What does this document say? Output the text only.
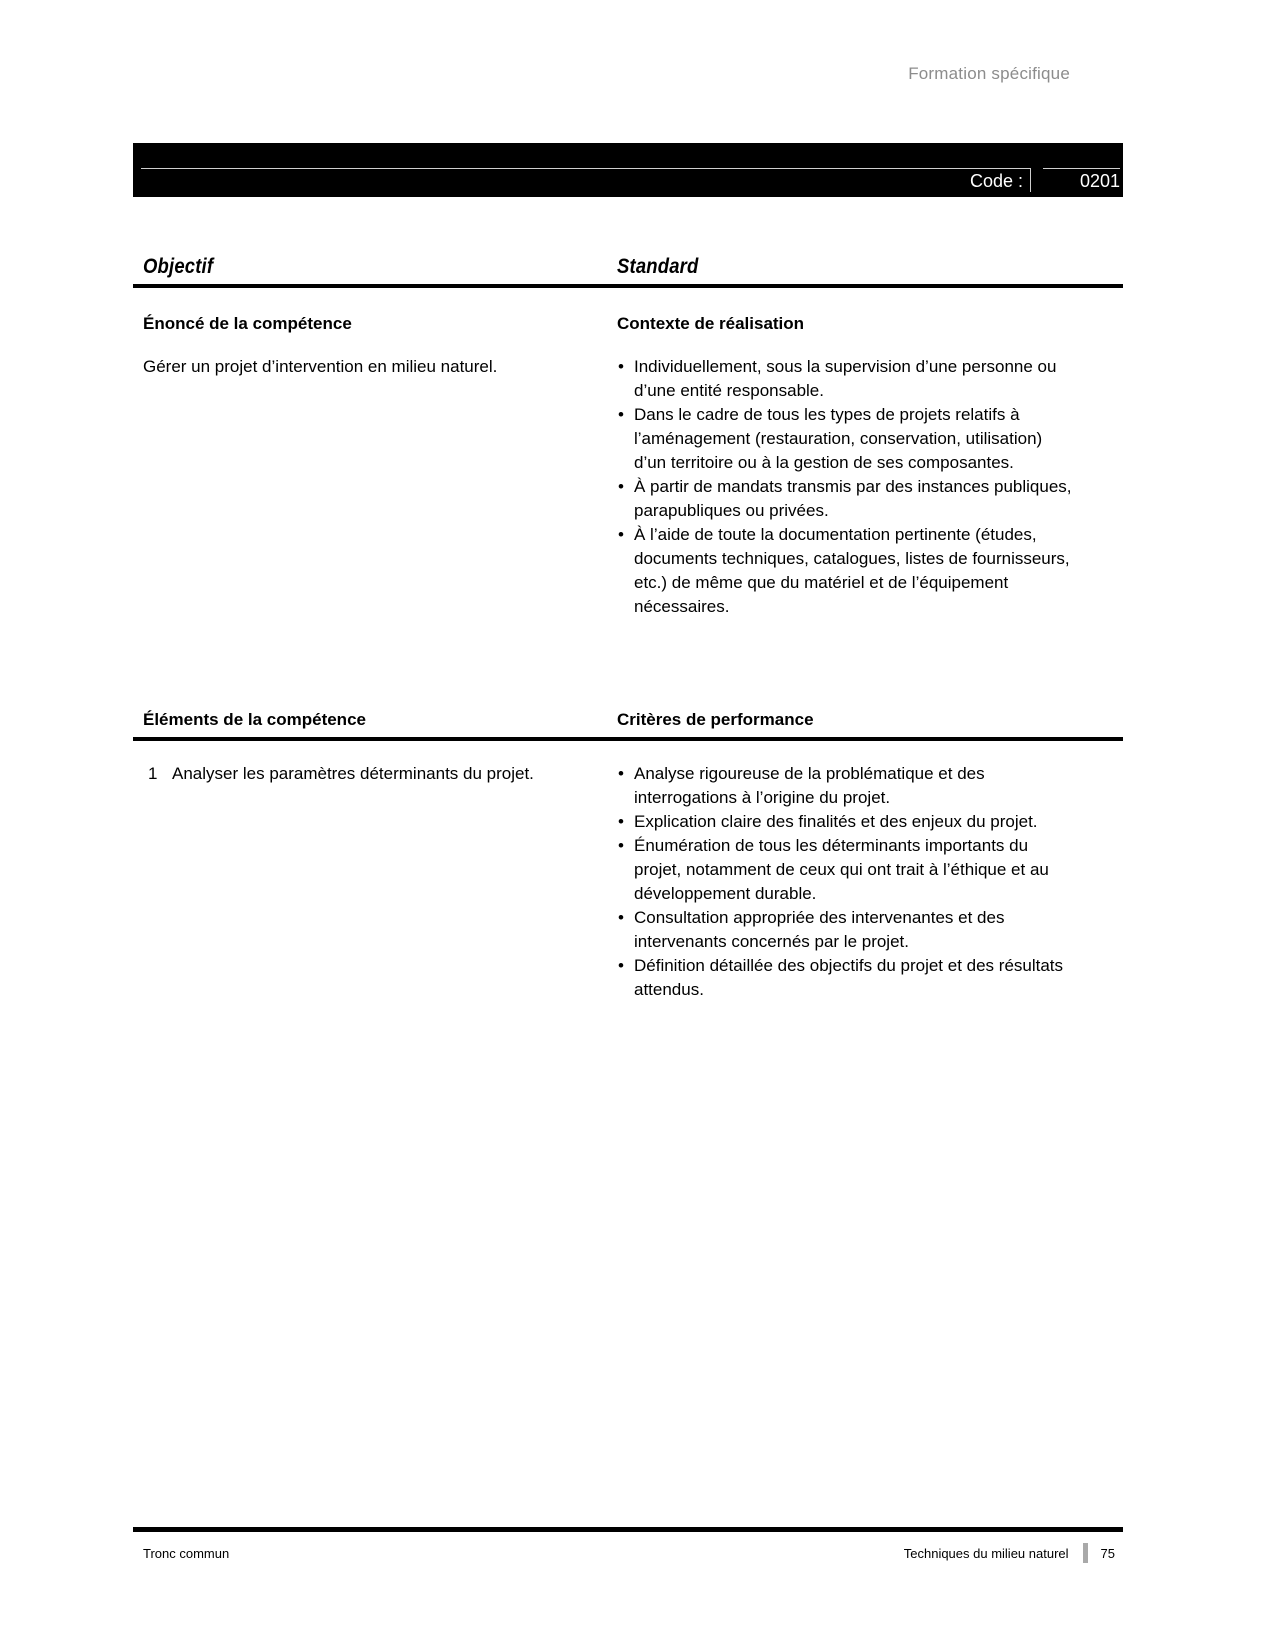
Formation spécifique
Code :	0201
Objectif	Standard
Énoncé de la compétence	Contexte de réalisation
Gérer un projet d’intervention en milieu naturel.	• Individuellement, sous la supervision d’une personne ou d’une entité responsable.
• Dans le cadre de tous les types de projets relatifs à l’aménagement (restauration, conservation, utilisation) d’un territoire ou à la gestion de ses composantes.
• À partir de mandats transmis par des instances publiques, parapubliques ou privées.
• À l’aide de toute la documentation pertinente (études, documents techniques, catalogues, listes de fournisseurs, etc.) de même que du matériel et de l’équipement nécessaires.
Éléments de la compétence	Critères de performance
1 Analyser les paramètres déterminants du projet.	• Analyse rigoureuse de la problématique et des interrogations à l’origine du projet.
• Explication claire des finalités et des enjeux du projet.
• Énumération de tous les déterminants importants du projet, notamment de ceux qui ont trait à l’éthique et au développement durable.
• Consultation appropriée des intervenantes et des intervenants concernés par le projet.
• Définition détaillée des objectifs du projet et des résultats attendus.
Tronc commun	Techniques du milieu naturel 75
